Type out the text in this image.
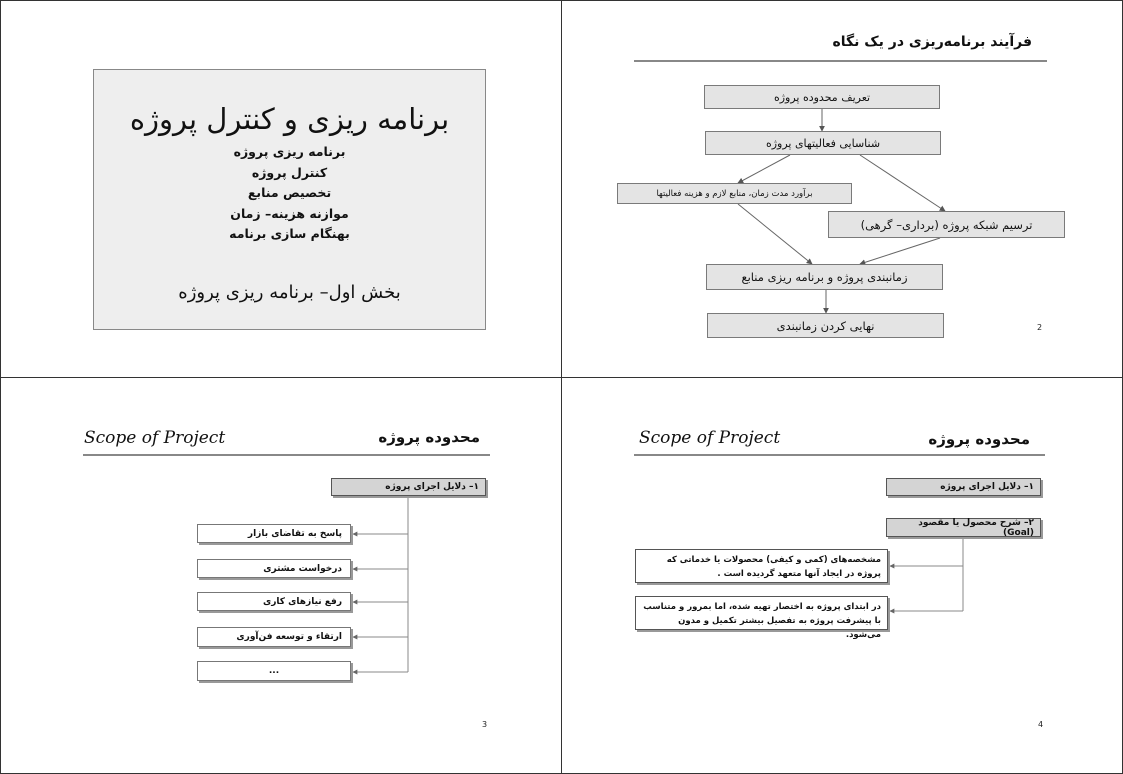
برنامه ریزی و کنترل پروژه
برنامه ریزی پروژه
کنترل پروژه
تخصیص منابع
موازنه هزینه– زمان
بهنگام سازی برنامه
بخش اول– برنامه ریزی پروژه
فرآیند برنامه‌ریزی در یک نگاه
تعریف محدوده پروژه
شناسایی فعالیتهای پروژه
برآورد مدت زمان، منابع لازم و هزینه فعالیتها
ترسیم شبکه پروژه (برداری– گرهی)
زمانبندی پروژه و برنامه ریزی منابع
نهایی کردن زمانبندی	2
Scope of Project	محدوده پروژه
۱– دلایل اجرای پروژه
پاسخ به تقاضای بازار
درخواست مشتری
رفع نیازهای کاری
ارتقاء و توسعه فن‌آوری
...
3
Scope of Project	محدوده پروژه
۱– دلایل اجرای پروژه
۲– شرح محصول یا مقصود (Goal)
مشخصه‌های (کمی و کیفی) محصولات یا خدماتی که پروژه در ایجاد آنها متعهد گردیده است .
در ابتدای پروژه به اختصار تهیه شده، اما بمرور و متناسب با پیشرفت پروژه به تفصیل بیشتر تکمیل و مدون می‌شود.
4
